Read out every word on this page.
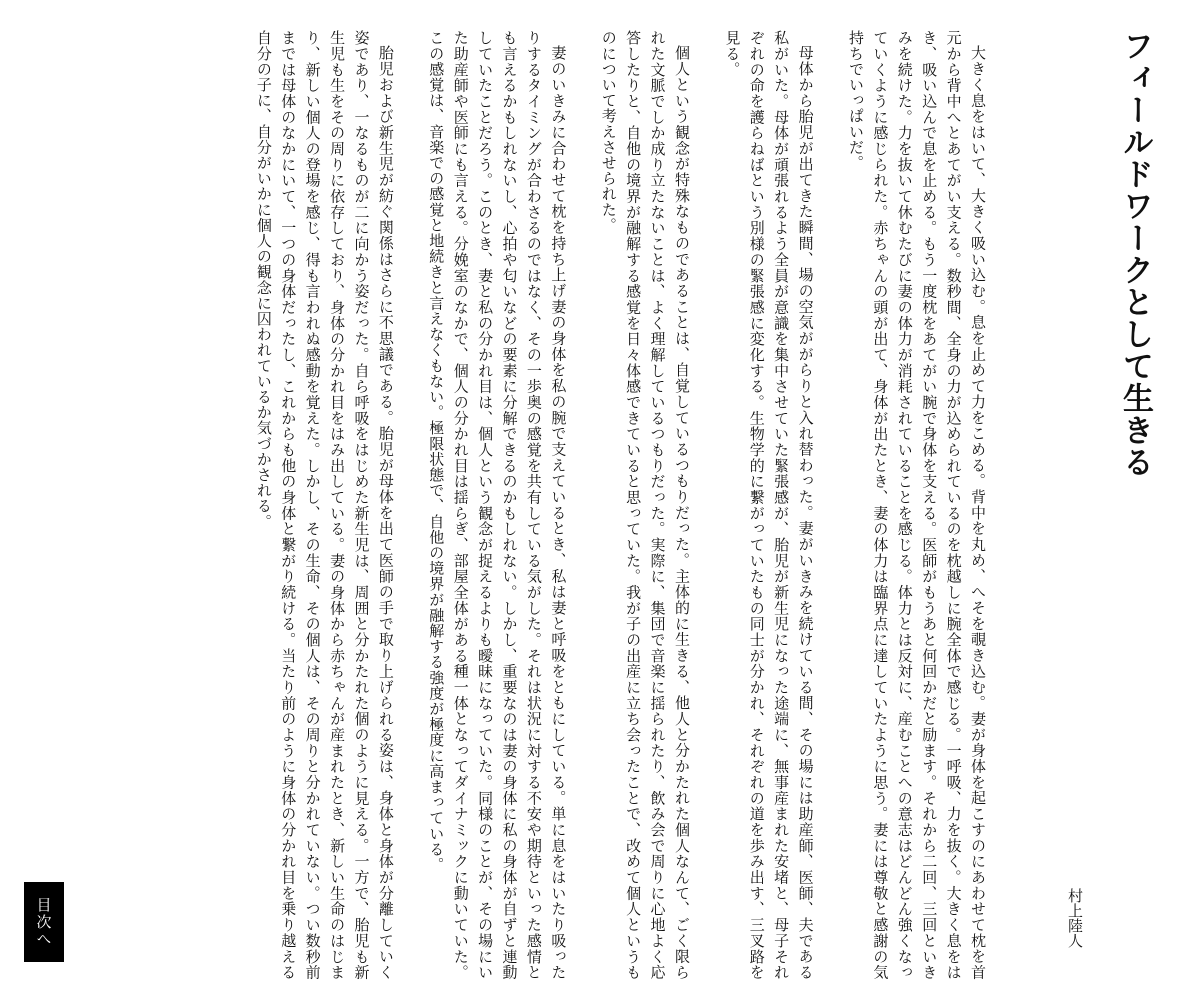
フィールドワークとして生きる
村上陸人

大きく息をはいて、大きく吸い込む。息を止めて力をこめる。背中を丸め、へそを覗き込む。妻が身体を起こすのにあわせて枕を首元から背中へとあてがい支える。数秒間、全身の力が込められているのを枕越しに腕全体で感じる。一呼吸、力を抜く。大きく息をはき、吸い込んで息を止める。もう一度枕をあてがい腕で身体を支える。医師がもうあと何回かだと励ます。それから二回、三回といきみを続けた。力を抜いて休むたびに妻の体力が消耗されていることを感じる。体力とは反対に、産むことへの意志はどんどん強くなっていくように感じられた。赤ちゃんの頭が出て、身体が出たとき、妻の体力は臨界点に達していたように思う。妻には尊敬と感謝の気持ちでいっぱいだ。

母体から胎児が出てきた瞬間、場の空気ががらりと入れ替わった。妻がいきみを続けている間、その場には助産師、医師、夫である私がいた。母体が頑張れるよう全員が意識を集中させていた緊張感が、胎児が新生児になった途端に、無事産まれた安堵と、母子それぞれの命を護らねばという別様の緊張感に変化する。生物学的に繋がっていたもの同士が分かれ、それぞれの道を歩み出す、三叉路を見る。

個人という観念が特殊なものであることは、自覚しているつもりだった。主体的に生きる、他人と分かたれた個人なんて、ごく限られた文脈でしか成り立たないことは、よく理解しているつもりだった。実際に、集団で音楽に揺られたり、飲み会で周りに心地よく応答したりと、自他の境界が融解する感覚を日々体感できていると思っていた。我が子の出産に立ち会ったことで、改めて個人というものについて考えさせられた。

妻のいきみに合わせて枕を持ち上げ妻の身体を私の腕で支えているとき、私は妻と呼吸をともにしている。単に息をはいたり吸ったりするタイミングが合わさるのではなく、その一歩奥の感覚を共有している気がした。それは状況に対する不安や期待といった感情とも言えるかもしれないし、心拍や匂いなどの要素に分解できるのかもしれない。しかし、重要なのは妻の身体に私の身体が自ずと連動していたことだろう。このとき、妻と私の分かれ目は、個人という観念が捉えるよりも曖昧になっていた。同様のことが、その場にいた助産師や医師にも言える。分娩室のなかで、個人の分かれ目は揺らぎ、部屋全体がある種一体となってダイナミックに動いていた。この感覚は、音楽での感覚と地続きと言えなくもない。極限状態で、自他の境界が融解する強度が極度に高まっている。

胎児および新生児が紡ぐ関係はさらに不思議である。胎児が母体を出て医師の手で取り上げられる姿は、身体と身体が分離していく姿であり、一なるものが二に向かう姿だった。自ら呼吸をはじめた新生児は、周囲と分かたれた個のように見える。一方で、胎児も新生児も生をその周りに依存しており、身体の分かれ目をはみ出している。妻の身体から赤ちゃんが産まれたとき、新しい生命のはじまり、新しい個人の登場を感じ、得も言われぬ感動を覚えた。しかし、その生命、その個人は、その周りと分かれていない。つい数秒前までは母体のなかにいて、一つの身体だったし、これからも他の身体と繋がり続ける。当たり前のように身体の分かれ目を乗り越える自分の子に、自分がいかに個人の観念に囚われているか気づかされる。

目次へ
